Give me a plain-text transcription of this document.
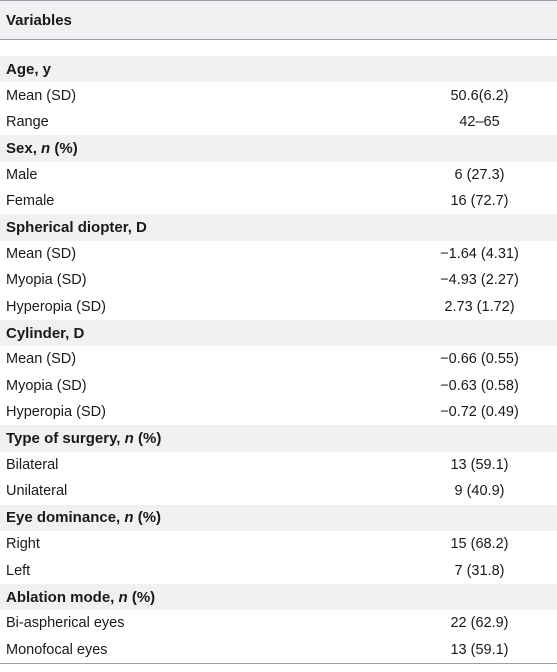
Variables
Age, y
Mean (SD)	50.6(6.2)
Range	42–65
Sex, n (%)
Male	6 (27.3)
Female	16 (72.7)
Spherical diopter, D
Mean (SD)	−1.64 (4.31)
Myopia (SD)	−4.93 (2.27)
Hyperopia (SD)	2.73 (1.72)
Cylinder, D
Mean (SD)	−0.66 (0.55)
Myopia (SD)	−0.63 (0.58)
Hyperopia (SD)	−0.72 (0.49)
Type of surgery, n (%)
Bilateral	13 (59.1)
Unilateral	9 (40.9)
Eye dominance, n (%)
Right	15 (68.2)
Left	7 (31.8)
Ablation mode, n (%)
Bi-aspherical eyes	22 (62.9)
Monofocal eyes	13 (59.1)
